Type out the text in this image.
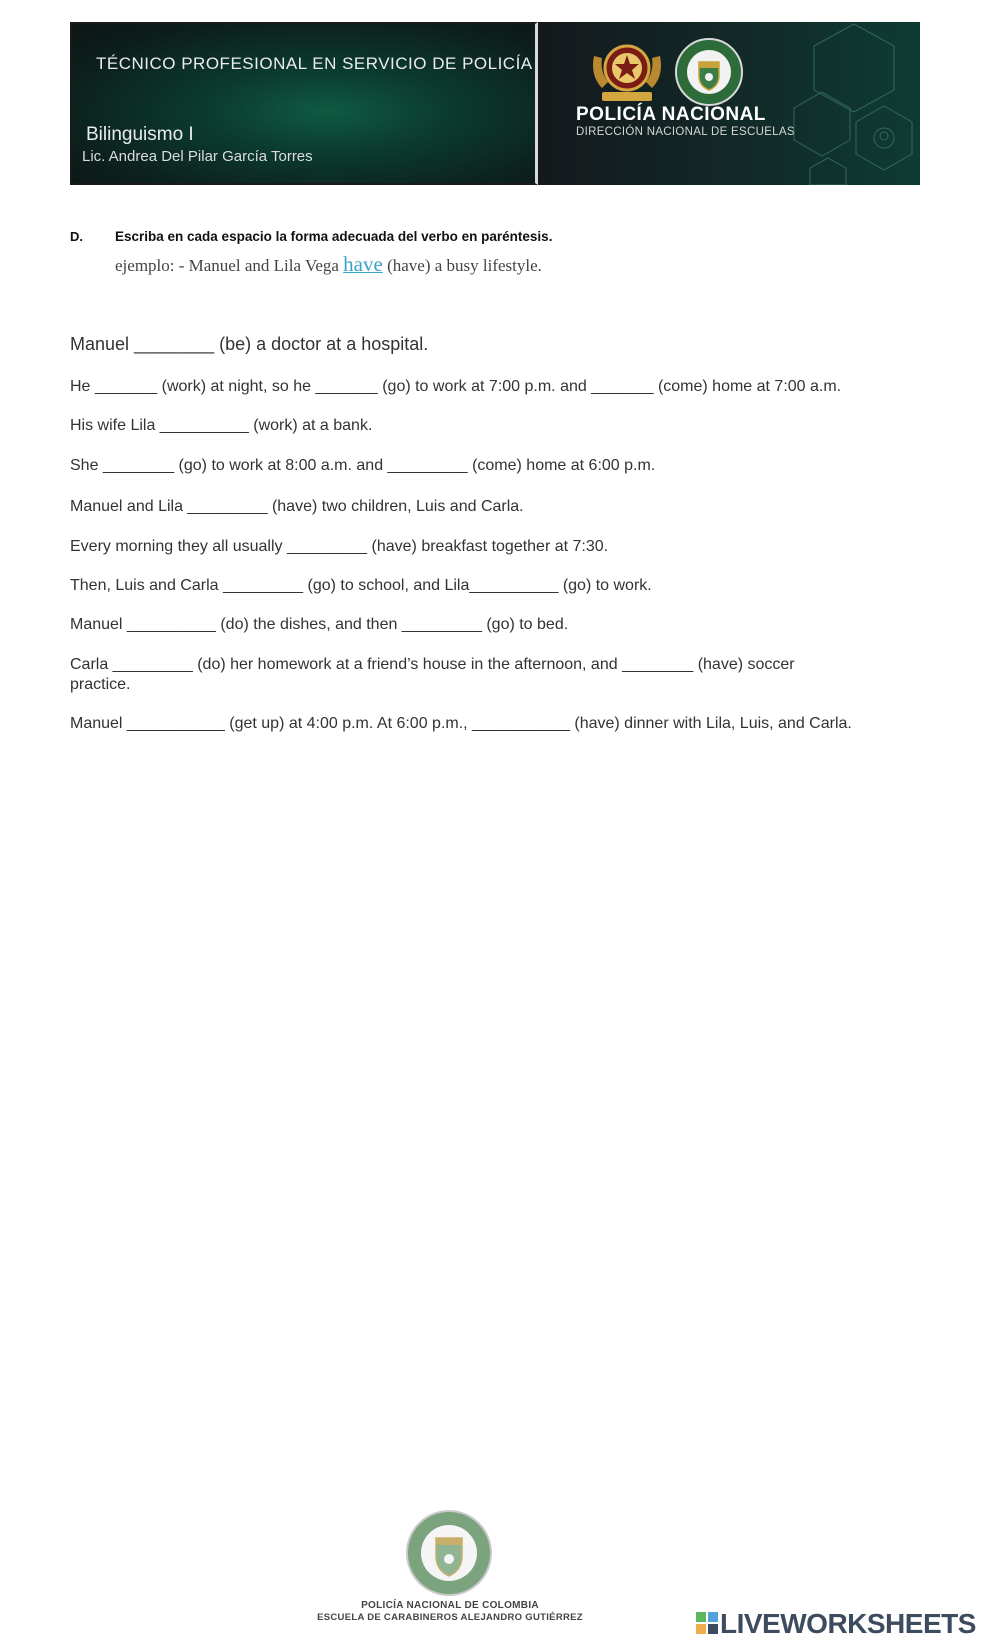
TÉCNICO PROFESIONAL EN SERVICIO DE POLICÍA
Bilinguismo I
Lic. Andrea Del Pilar García Torres
POLICÍA NACIONAL
DIRECCIÓN NACIONAL DE ESCUELAS
D. Escriba en cada espacio la forma adecuada del verbo en paréntesis.
ejemplo: - Manuel and Lila Vega have (have) a busy lifestyle.
Manuel ________ (be) a doctor at a hospital.
He _______ (work) at night, so he _______ (go) to work at 7:00 p.m. and _______ (come) home at 7:00 a.m.
His wife Lila __________ (work) at a bank.
She ________ (go) to work at 8:00 a.m. and _________ (come) home at 6:00 p.m.
Manuel and Lila _________ (have) two children, Luis and Carla.
Every morning they all usually _________ (have) breakfast together at 7:30.
Then, Luis and Carla _________ (go) to school, and Lila__________ (go) to work.
Manuel __________ (do) the dishes, and then _________ (go) to bed.
Carla _________ (do) her homework at a friend’s house in the afternoon, and ________ (have) soccer
practice.
Manuel ___________ (get up) at 4:00 p.m. At 6:00 p.m., ___________ (have) dinner with Lila, Luis, and Carla.
POLICÍA NACIONAL DE COLOMBIA
ESCUELA DE CARABINEROS ALEJANDRO GUTIÉRREZ	LIVEWORKSHEETS
